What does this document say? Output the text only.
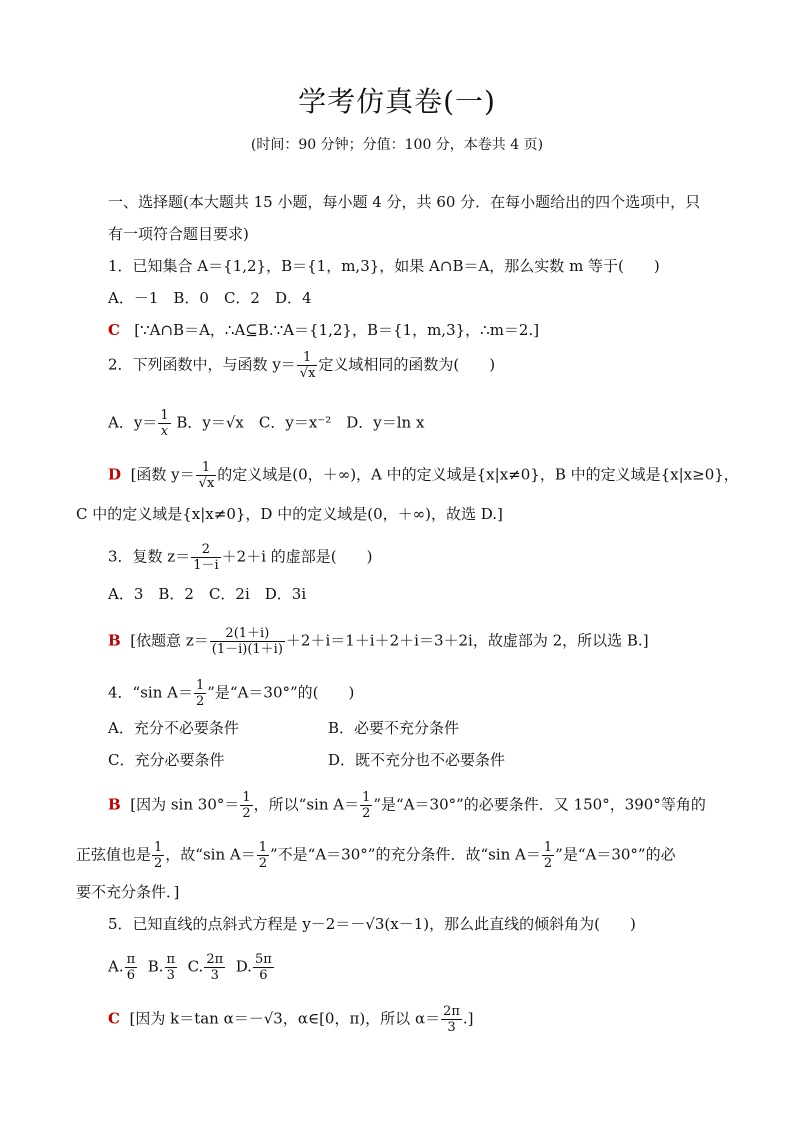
学考仿真卷(一)
(时间：90 分钟；分值：100 分，本卷共 4 页)
一、选择题(本大题共 15 小题，每小题 4 分，共 60 分．在每小题给出的四个选项中，只
有一项符合题目要求)
1．已知集合 A＝{1,2}，B＝{1，m,3}，如果 A∩B＝A，那么实数 m 等于(　　)
A．－1　B．0　C．2　D．4
C [∵A∩B＝A，∴A⊆B.∵A＝{1,2}，B＝{1，m,3}，∴m＝2.]
2．下列函数中，与函数 $y= \frac{1}{√x}$ 定义域相同的函数为(　　)
A．$y= \frac{1}{x}$ B．y＝√x　C．y＝x⁻²　D．y＝ln x
D [函数 $y= \frac{1}{√x}$ 的定义域是(0，＋∞)，A 中的定义域是{x|x≠0}，B 中的定义域是{x|x≥0}，
C 中的定义域是{x|x≠0}，D 中的定义域是(0，＋∞)，故选 D.]
3．复数 $z= \frac{2}{1-i} +2+i$ 的虚部是(　　)
A．3　B．2　C．2i　D．3i
B [依题意 $z= \frac{2(1+i)}{(1-i)(1+i)} +2+i=1+i+2+i=3+2i$，故虚部为 2，所以选 B.]
4．“sin $A= \frac{1}{2}$ ”是“A＝30°”的(　　)
A．充分不必要条件	B．必要不充分条件
C．充分必要条件	D．既不充分也不必要条件
B [因为 $\sin 30^\circ= \frac{1}{2}$ ，所以“sin $A= \frac{1}{2}$ ”是“A＝30°”的必要条件．又 150°，390°等角的
正弦值也是 $\frac{1}{2}$ ，故“sin $A= \frac{1}{2}$ ”不是“A＝30°”的充分条件．故“sin $A= \frac{1}{2}$ ”是“A＝30°”的必
要不充分条件．]
5．已知直线的点斜式方程是 y－2＝－√3(x－1)，那么此直线的倾斜角为(　　)
A. $\frac{\pi}{6} B$. $\frac{\pi}{3} C$. $\frac{2\pi}{3} D$. $\frac{5\pi}{6}$
C [因为 k＝tan α＝－√3，α∈[0，π)，所以 $\alpha= \frac{2\pi}{3}$ .]
